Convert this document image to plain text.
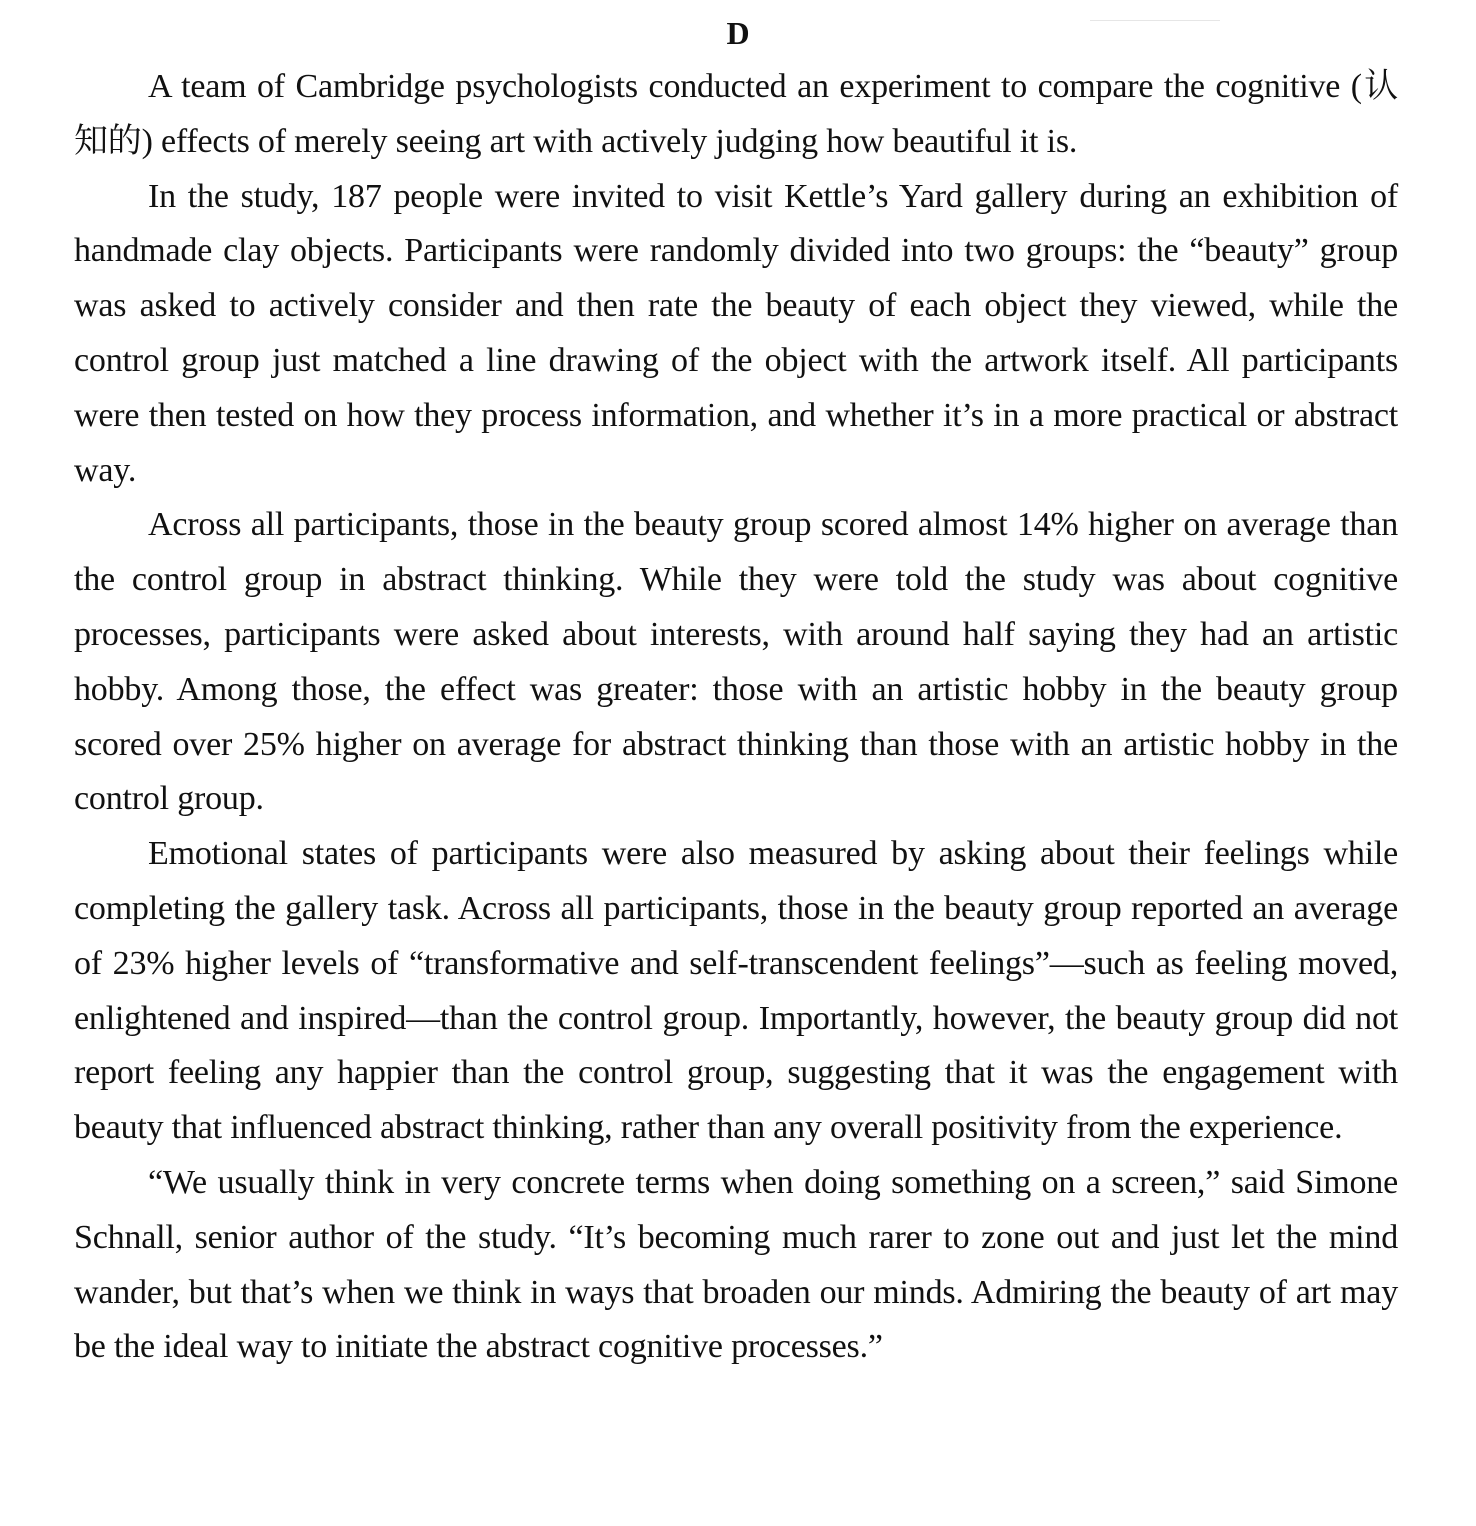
D

A team of Cambridge psychologists conducted an experiment to compare the cognitive (认知的) effects of merely seeing art with actively judging how beautiful it is.

In the study, 187 people were invited to visit Kettle’s Yard gallery during an exhibition of handmade clay objects. Participants were randomly divided into two groups: the “beauty” group was asked to actively consider and then rate the beauty of each object they viewed, while the control group just matched a line drawing of the object with the artwork itself. All participants were then tested on how they process information, and whether it’s in a more practical or abstract way.

Across all participants, those in the beauty group scored almost 14% higher on average than the control group in abstract thinking. While they were told the study was about cognitive processes, participants were asked about interests, with around half saying they had an artistic hobby. Among those, the effect was greater: those with an artistic hobby in the beauty group scored over 25% higher on average for abstract thinking than those with an artistic hobby in the control group.

Emotional states of participants were also measured by asking about their feelings while completing the gallery task. Across all participants, those in the beauty group reported an average of 23% higher levels of “transformative and self-transcendent feelings”—such as feeling moved, enlightened and inspired—than the control group. Importantly, however, the beauty group did not report feeling any happier than the control group, suggesting that it was the engagement with beauty that influenced abstract thinking, rather than any overall positivity from the experience.

“We usually think in very concrete terms when doing something on a screen,” said Simone Schnall, senior author of the study. “It’s becoming much rarer to zone out and just let the mind wander, but that’s when we think in ways that broaden our minds. Admiring the beauty of art may be the ideal way to initiate the abstract cognitive processes.”
